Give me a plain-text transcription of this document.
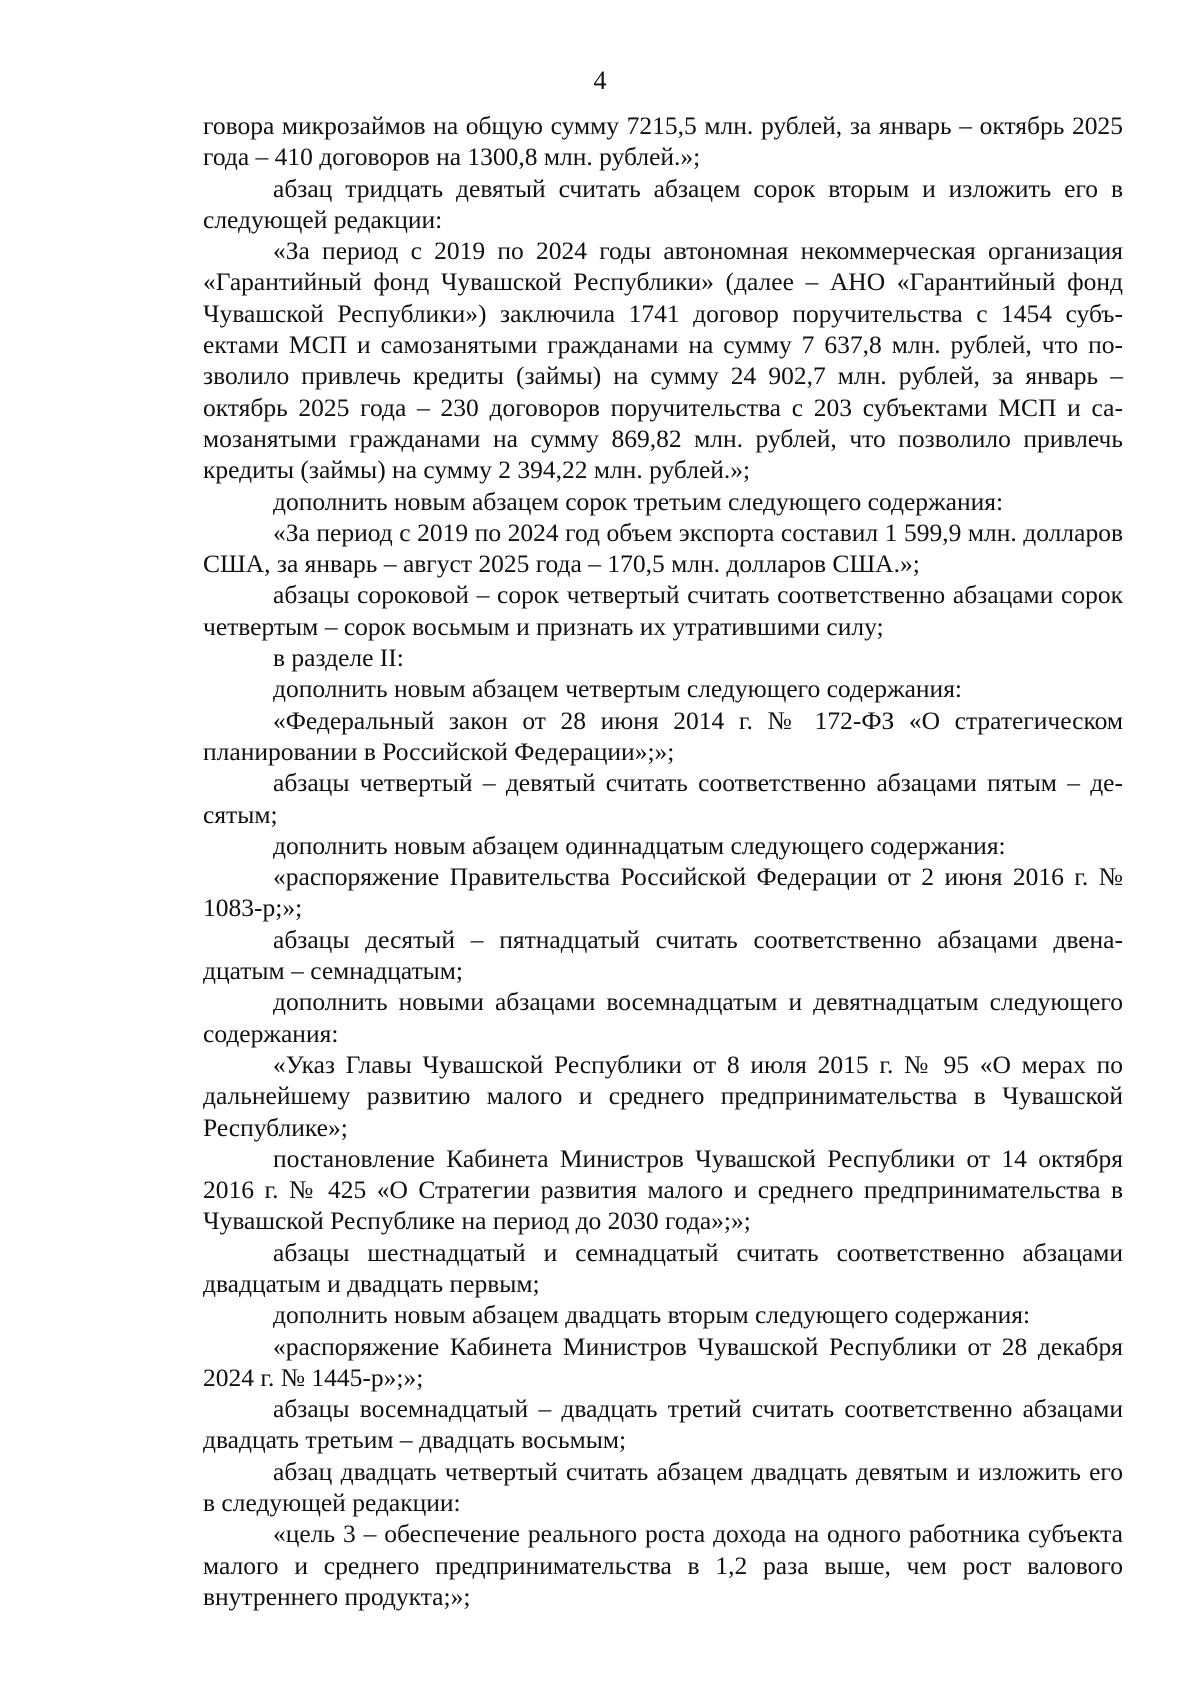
4

говора микрозаймов на общую сумму 7215,5 млн. рублей, за январь – октябрь 2025 года – 410 договоров на 1300,8 млн. рублей.»;

абзац тридцать девятый считать абзацем сорок вторым и изложить его в следующей редакции:

«За период с 2019 по 2024 годы автономная некоммерческая организация «Гарантийный фонд Чувашской Республики» (далее – АНО «Гарантийный фонд Чувашской Республики») заключила 1741 договор поручительства с 1454 субъектами МСП и самозанятыми гражданами на сумму 7 637,8 млн. рублей, что позволило привлечь кредиты (займы) на сумму 24 902,7 млн. рублей, за январь – октябрь 2025 года – 230 договоров поручительства с 203 субъектами МСП и самозанятыми гражданами на сумму 869,82 млн. рублей, что позволило привлечь кредиты (займы) на сумму 2 394,22 млн. рублей.»;

дополнить новым абзацем сорок третьим следующего содержания:

«За период с 2019 по 2024 год объем экспорта составил 1 599,9 млн. долларов США, за январь – август 2025 года – 170,5 млн. долларов США.»;

абзацы сороковой – сорок четвертый считать соответственно абзацами сорок четвертым – сорок восьмым и признать их утратившими силу;

в разделе II:

дополнить новым абзацем четвертым следующего содержания:

«Федеральный закон от 28 июня 2014 г. № 172-ФЗ «О стратегическом планировании в Российской Федерации»;»;

абзацы четвертый – девятый считать соответственно абзацами пятым – десятым;

дополнить новым абзацем одиннадцатым следующего содержания:

«распоряжение Правительства Российской Федерации от 2 июня 2016 г. № 1083-р;»;

абзацы десятый – пятнадцатый считать соответственно абзацами двенадцатым – семнадцатым;

дополнить новыми абзацами восемнадцатым и девятнадцатым следующего содержания:

«Указ Главы Чувашской Республики от 8 июля 2015 г. № 95 «О мерах по дальнейшему развитию малого и среднего предпринимательства в Чувашской Республике»;

постановление Кабинета Министров Чувашской Республики от 14 октября 2016 г. № 425 «О Стратегии развития малого и среднего предпринимательства в Чувашской Республике на период до 2030 года»;»;

абзацы шестнадцатый и семнадцатый считать соответственно абзацами двадцатым и двадцать первым;

дополнить новым абзацем двадцать вторым следующего содержания:

«распоряжение Кабинета Министров Чувашской Республики от 28 декабря 2024 г. № 1445-р»;»;

абзацы восемнадцатый – двадцать третий считать соответственно абзацами двадцать третьим – двадцать восьмым;

абзац двадцать четвертый считать абзацем двадцать девятым и изложить его в следующей редакции:

«цель 3 – обеспечение реального роста дохода на одного работника субъекта малого и среднего предпринимательства в 1,2 раза выше, чем рост валового внутреннего продукта;»;
